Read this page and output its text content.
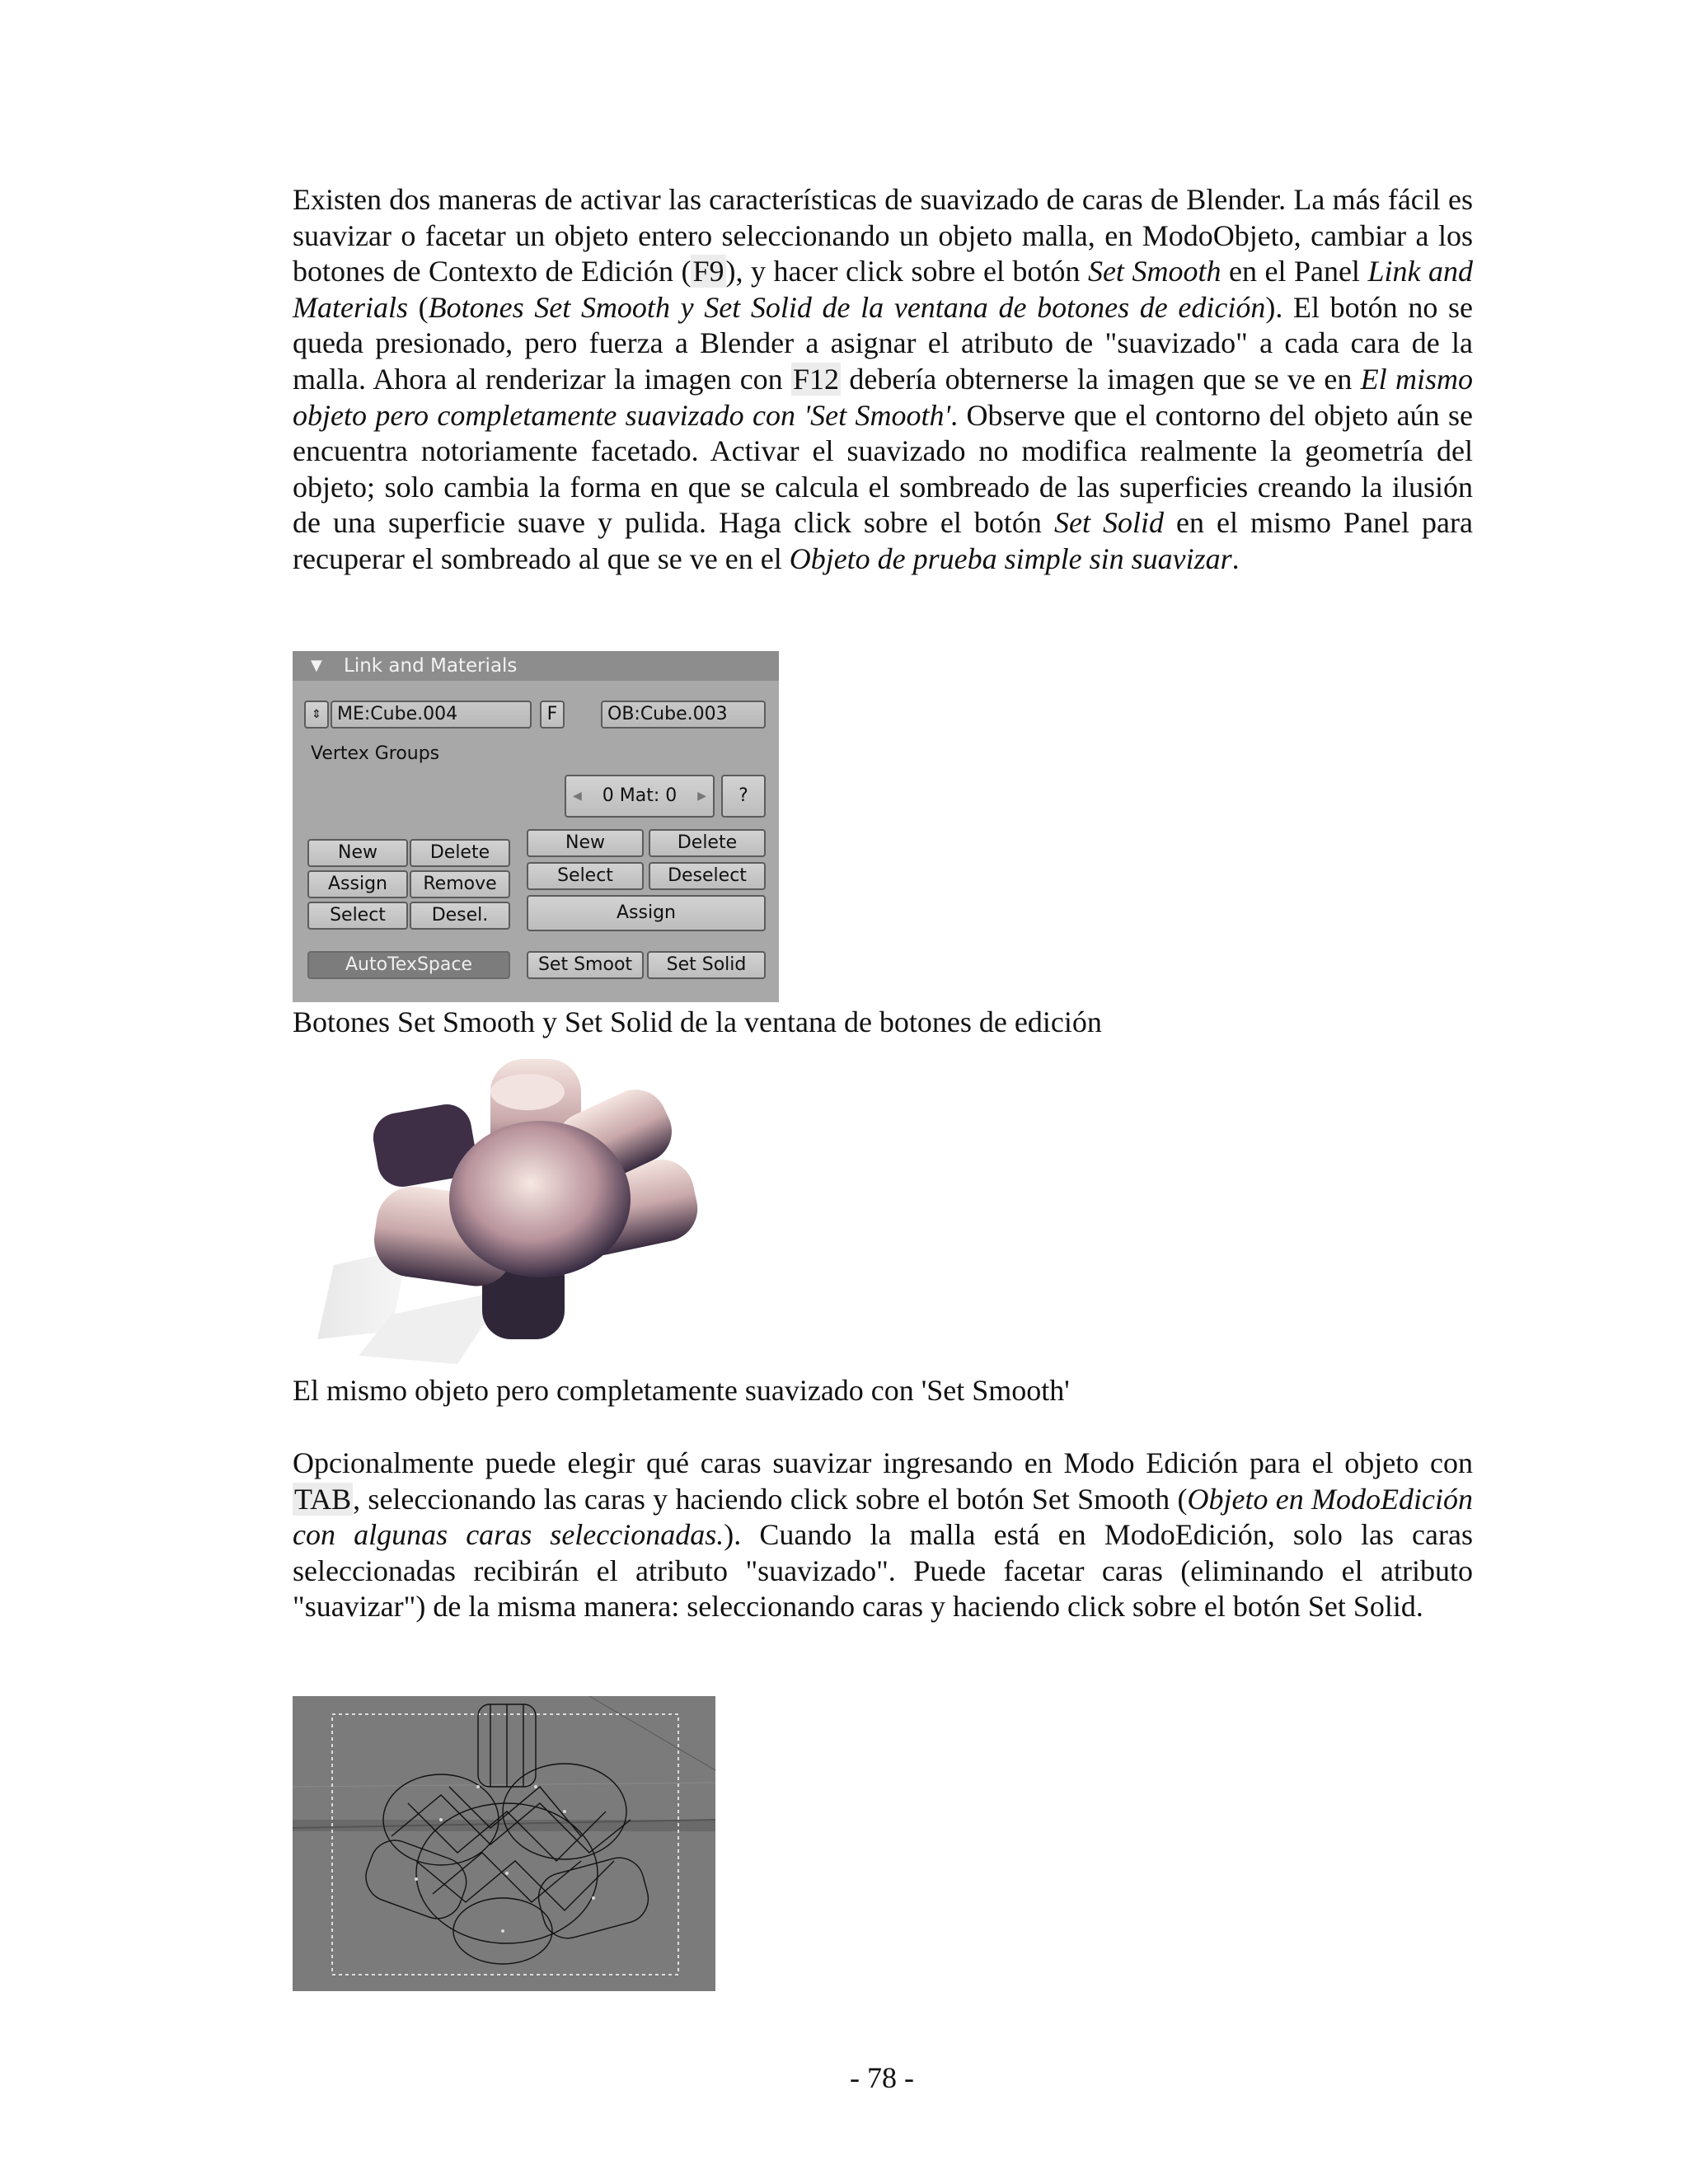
Existen dos maneras de activar las características de suavizado de caras de Blender. La más fácil es suavizar o facetar un objeto entero seleccionando un objeto malla, en ModoObjeto, cambiar a los botones de Contexto de Edición (F9), y hacer click sobre el botón Set Smooth en el Panel Link and Materials (Botones Set Smooth y Set Solid de la ventana de botones de edición). El botón no se queda presionado, pero fuerza a Blender a asignar el atributo de "suavizado" a cada cara de la malla. Ahora al renderizar la imagen con F12 debería obternerse la imagen que se ve en El mismo objeto pero completamente suavizado con 'Set Smooth'. Observe que el contorno del objeto aún se encuentra notoriamente facetado. Activar el suavizado no modifica realmente la geometría del objeto; solo cambia la forma en que se calcula el sombreado de las superficies creando la ilusión de una superficie suave y pulida. Haga click sobre el botón Set Solid en el mismo Panel para recuperar el sombreado al que se ve en el Objeto de prueba simple sin suavizar.

▼ Link and Materials
⇕ ME:Cube.004	F	OB:Cube.003
Vertex Groups
◀ 0 Mat: 0 ▶	?
New	Delete
Assign	Remove
Select	Desel.
New	Delete
Select	Deselect
Assign
AutoTexSpace	Set Smoot	Set Solid

Botones Set Smooth y Set Solid de la ventana de botones de edición

El mismo objeto pero completamente suavizado con 'Set Smooth'

Opcionalmente puede elegir qué caras suavizar ingresando en Modo Edición para el objeto con TAB, seleccionando las caras y haciendo click sobre el botón Set Smooth (Objeto en ModoEdición con algunas caras seleccionadas.). Cuando la malla está en ModoEdición, solo las caras seleccionadas recibirán el atributo "suavizado". Puede facetar caras (eliminando el atributo "suavizar") de la misma manera: seleccionando caras y haciendo click sobre el botón Set Solid.

- 78 -
